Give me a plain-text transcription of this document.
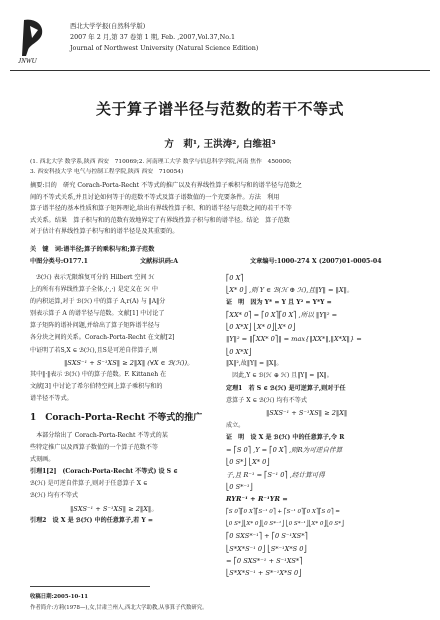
JNWU
西北大学学报(自然科学版)
2007 年 2 月,第 37 卷第 1 期, Feb. ,2007,Vol.37,No.1
Journal of Northwest University (Natural Science Edition)
关于算子谱半径与范数的若干不等式
方　莉¹, 王洪涛², 白维祖³
(1. 西北大学 数学系,陕西 西安　710069;2. 河南理工大学 数学与信息科学学院,河南 焦作　450000;
3. 西安科技大学 电气与控制工程学院,陕西 西安　710054)
摘要:目的　研究 Corach-Porta-Recht 不等式的推广以及有界线性算子乘积与和的谱半径与范数之
间的不等式关系,并且讨论如何等于的范数不等式及算子谱数值的一个充要条件。方法　利用
算子谱半径的基本性质和算子矩阵理论,给出有界线性算子积、和的谱半径与范数之间的若干不等
式关系。结果　算子积与和的范数有效地界定了有界线性算子积与和的谱半径。结论　算子范数
对于估计有界线性算子积与和的谱半径是及其重要的。
关　键　词:谱半径;算子的乘积与和;算子范数
中图分类号:O177.1	文献标识码:A	文章编号:1000-274 X (2007)01-0005-04

　ℬ(ℋ) 表示无限维复可分的 Hilbert 空间 ℋ

上的所有有界线性算子全体,⟨·,·⟩ 是定义在 ℋ 中

的内积运算,对于 ℬ(ℋ) 中的算子 A,r(A) 与 ‖A‖分

别表示算子 A 的谱半径与范数。文献[1] 中讨论了

算子矩阵的谱补问题,并给出了算子矩阵谱半径与

各分块之间的关系。Corach-Porta-Recht 在文献[2]

中证明了若S,X ∈ ℬ(ℋ),且S是可逆自伴算子,则

‖SXS⁻¹ + S⁻¹XS‖ ≥ 2‖X‖ (∀X ∈ ℬ(ℋ))。

其中‖·‖表示 ℬ(ℋ) 中的算子范数。F. Kittaneh 在

文献[3] 中讨论了希尔伯特空间上算子乘积与和的

谱半径不等式。

1　Corach-Porta-Recht 不等式的推广

　本部分给出了 Corach-Porta-Recht 不等式的某

些特定推广以及西算子数值的一个算子范数不等

式刻画。

引理1[2]　(Corach-Porta-Recht 不等式) 设 S ∈

ℬ(ℋ) 是可逆自伴算子,则对于任意算子 X ∈

ℬ(ℋ) 均有不等式

‖SXS⁻¹ + S⁻¹XS‖ ≥ 2‖X‖。

引理2　设 X 是 ℬ(ℋ) 中的任意算子,若 Y =

⎡0 X⎤

⎣X* 0⎦ ,则 Y ∈ ℬ(ℋ ⊕ ℋ),且‖Y‖ = ‖X‖。

证　明　因为 Y* = Y 且 Y² = Y*Y =

⎡XX* 0⎤ = ⎡0 X⎤⎡0 X⎤ ,所以 ‖Y‖² =

⎣0 X*X⎦ ⎣X* 0⎦⎣X* 0⎦

‖Y‖² = ‖⎡XX* 0⎤‖ = max{‖XX*‖,‖X*X‖} =

⎣0 X*X⎦

‖X‖²,故‖Y‖ = ‖X‖。

　因此,Y ∈ ℬ(ℋ ⊕ ℋ) 且‖Y‖ = ‖X‖。

定理1　若 S ∈ ℬ(ℋ) 是可逆算子,则对于任

意算子 X ∈ ℬ(ℋ) 均有不等式

‖SXS⁻¹ + S⁻¹XS‖ ≥ 2‖X‖

成立。

证　明　设 X 是 ℬ(ℋ) 中的任意算子,令 R

= ⎡S 0⎤ ,Y = ⎡0 X⎤ ,则R为可逆自伴算

⎣0 S*⎦ ⎣X* 0⎦

子,且 R⁻¹ = ⎡S⁻¹ 0⎤ ,经计算可得

⎣0 S*⁻¹⎦

RYR⁻¹ + R⁻¹YR =

⎡S 0⎤⎡0 X⎤⎡S⁻¹ 0⎤ + ⎡S⁻¹ 0⎤⎡0 X⎤⎡S 0⎤ =

⎣0 S*⎦⎣X* 0⎦⎣0 S*⁻¹⎦ ⎣0 S*⁻¹⎦⎣X* 0⎦⎣0 S*⎦

⎡0 SXS*⁻¹⎤ + ⎡0 S⁻¹XS*⎤

⎣S*X*S⁻¹ 0⎦ ⎣S*⁻¹X*S 0⎦

= ⎡0 SXS*⁻¹ + S⁻¹XS*⎤

⎣S*X*S⁻¹ + S*⁻¹X*S 0⎦

收稿日期:2005-10-11
作者简介:方莉(1978—),女,甘肃兰州人,西北大学助教,从事算子代数研究。
